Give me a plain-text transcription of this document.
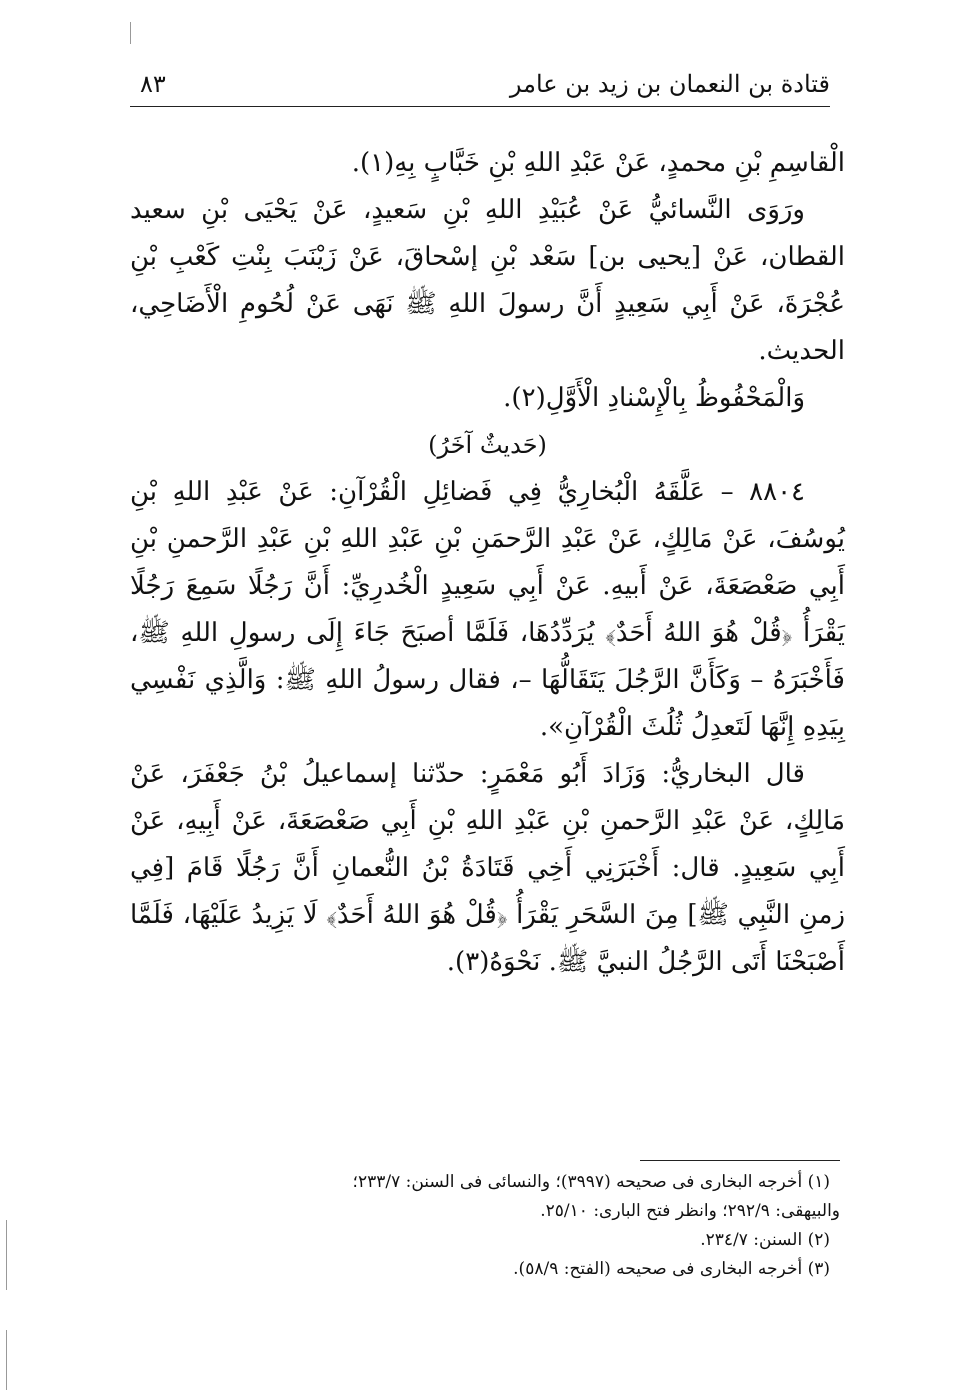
قتادة بن النعمان بن زيد بن عامر
٨٣

الْقاسِمِ بْنِ محمدٍ، عَنْ عَبْدِ اللهِ بْنِ خَبَّابٍ بِهِ(١).

ورَوَى النَّسائيُّ عَنْ عُبَيْدِ اللهِ بْنِ سَعيدٍ، عَنْ يَحْيَى بْنِ سعيد القطان، عَنْ [يحيى بن] سَعْد بْنِ إسْحاقَ، عَنْ زَيْنَبَ بِنْتِ كَعْبِ بْنِ عُجْرَةَ، عَنْ أَبِي سَعِيدٍ أَنَّ رسولَ اللهِ ﷺ نَهَى عَنْ لُحُومِ الْأَضَاحِي، الحديث.

وَالْمَحْفُوظُ بِالْإِسْنادِ الْأَوَّلِ(٢).

(حَديثٌ آخَرُ)

٨٨٠٤ – عَلَّقَهُ الْبُخارِيُّ فِي فَضائِلِ الْقُرْآنِ: عَنْ عَبْدِ اللهِ بْنِ يُوسُفَ، عَنْ مَالِكٍ، عَنْ عَبْدِ الرَّحمَنِ بْنِ عَبْدِ اللهِ بْنِ عَبْدِ الرَّحمنِ بْنِ أَبِي صَعْصَعَةَ، عَنْ أَبيهِ. عَنْ أَبِي سَعِيدٍ الْخُدرِيِّ: أَنَّ رَجُلًا سَمِعَ رَجُلًا يَقْرَأُ ﴿قُلْ هُوَ اللهُ أَحَدٌ﴾ يُرَدِّدُهَا، فَلَمَّا أصبَحَ جَاءَ إِلَى رسولِ اللهِ ﷺ، فَأَخْبَرَهُ – وَكَأَنَّ الرَّجُلَ يَتَقَالُّهَا –، فقال رسولُ اللهِ ﷺ: وَالَّذِي نَفْسِي بِيَدِهِ إِنَّهَا لَتَعدِلُ ثُلُثَ الْقُرْآنِ».

قال البخاريُّ: وَزَادَ أَبُو مَعْمَرٍ: حدّثنا إسماعيلُ بْنُ جَعْفَرَ، عَنْ مَالِكٍ، عَنْ عَبْدِ الرَّحمنِ بْنِ عَبْدِ اللهِ بْنِ أَبِي صَعْصَعَةَ، عَنْ أَبِيهِ، عَنْ أَبِي سَعِيدٍ. قال: أَخْبَرَنِي أَخِي قَتَادَةُ بْنُ النُّعمانِ أَنَّ رَجُلًا قَامَ [فِي زمنِ النَّبِي ﷺ] مِنَ السَّحَرِ يَقْرَأُ ﴿قُلْ هُوَ اللهُ أَحَدٌ﴾ لَا يَزِيدُ عَلَيْهَا، فَلَمَّا أَصْبَحْنَا أَتَى الرَّجُلُ النبيَّ ﷺ. نَحْوَهُ(٣).

(١) أخرجه البخارى فى صحيحه (٣٩٩٧)؛ والنسائى فى السنن: ٢٣٣/٧؛

والبيهقى: ٢٩٢/٩؛ وانظر فتح البارى: ٢٥/١٠.

(٢) السنن: ٢٣٤/٧.

(٣) أخرجه البخارى فى صحيحه (الفتح: ٥٨/٩).
